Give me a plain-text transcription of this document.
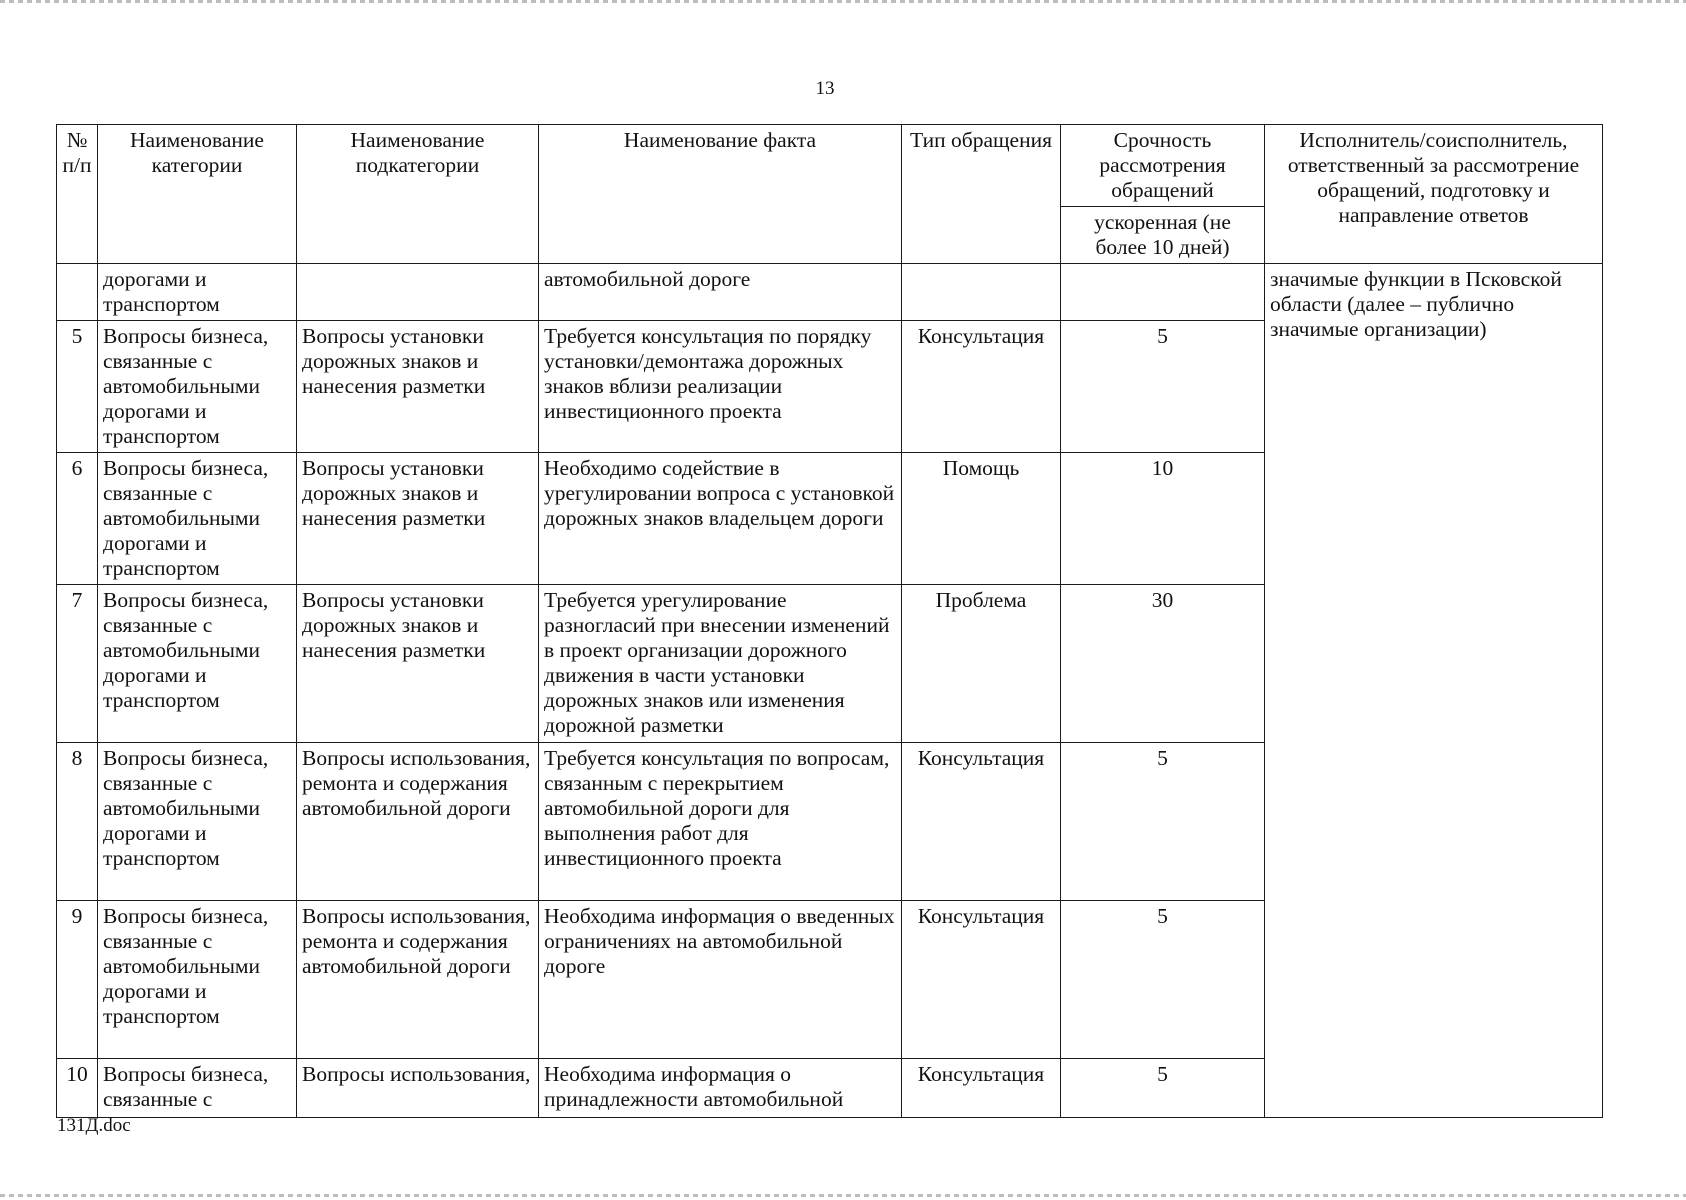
13
№ п/п	Наименование категории	Наименование подкатегории	Наименование факта	Тип обращения	Срочность рассмотрения обращений	Исполнитель/соисполнитель, ответственный за рассмотрение обращений, подготовку и направление ответов
					ускоренная (не более 10 дней)	
	дорогами и транспортом		автомобильной дороге			значимые функции в Псковской области (далее – публично значимые организации)
5	Вопросы бизнеса, связанные с автомобильными дорогами и транспортом	Вопросы установки дорожных знаков и нанесения разметки	Требуется консультация по порядку установки/демонтажа дорожных знаков вблизи реализации инвестиционного проекта	Консультация	5	
6	Вопросы бизнеса, связанные с автомобильными дорогами и транспортом	Вопросы установки дорожных знаков и нанесения разметки	Необходимо содействие в урегулировании вопроса с установкой дорожных знаков владельцем дороги	Помощь	10	
7	Вопросы бизнеса, связанные с автомобильными дорогами и транспортом	Вопросы установки дорожных знаков и нанесения разметки	Требуется урегулирование разногласий при внесении изменений в проект организации дорожного движения в части установки дорожных знаков или изменения дорожной разметки	Проблема	30	
8	Вопросы бизнеса, связанные с автомобильными дорогами и транспортом	Вопросы использования, ремонта и содержания автомобильной дороги	Требуется консультация по вопросам, связанным с перекрытием автомобильной дороги для выполнения работ для инвестиционного проекта	Консультация	5	
9	Вопросы бизнеса, связанные с автомобильными дорогами и транспортом	Вопросы использования, ремонта и содержания автомобильной дороги	Необходима информация о введенных ограничениях на автомобильной дороге	Консультация	5	
10	Вопросы бизнеса, связанные с	Вопросы использования,	Необходима информация о принадлежности автомобильной	Консультация	5	
131Д.doc
